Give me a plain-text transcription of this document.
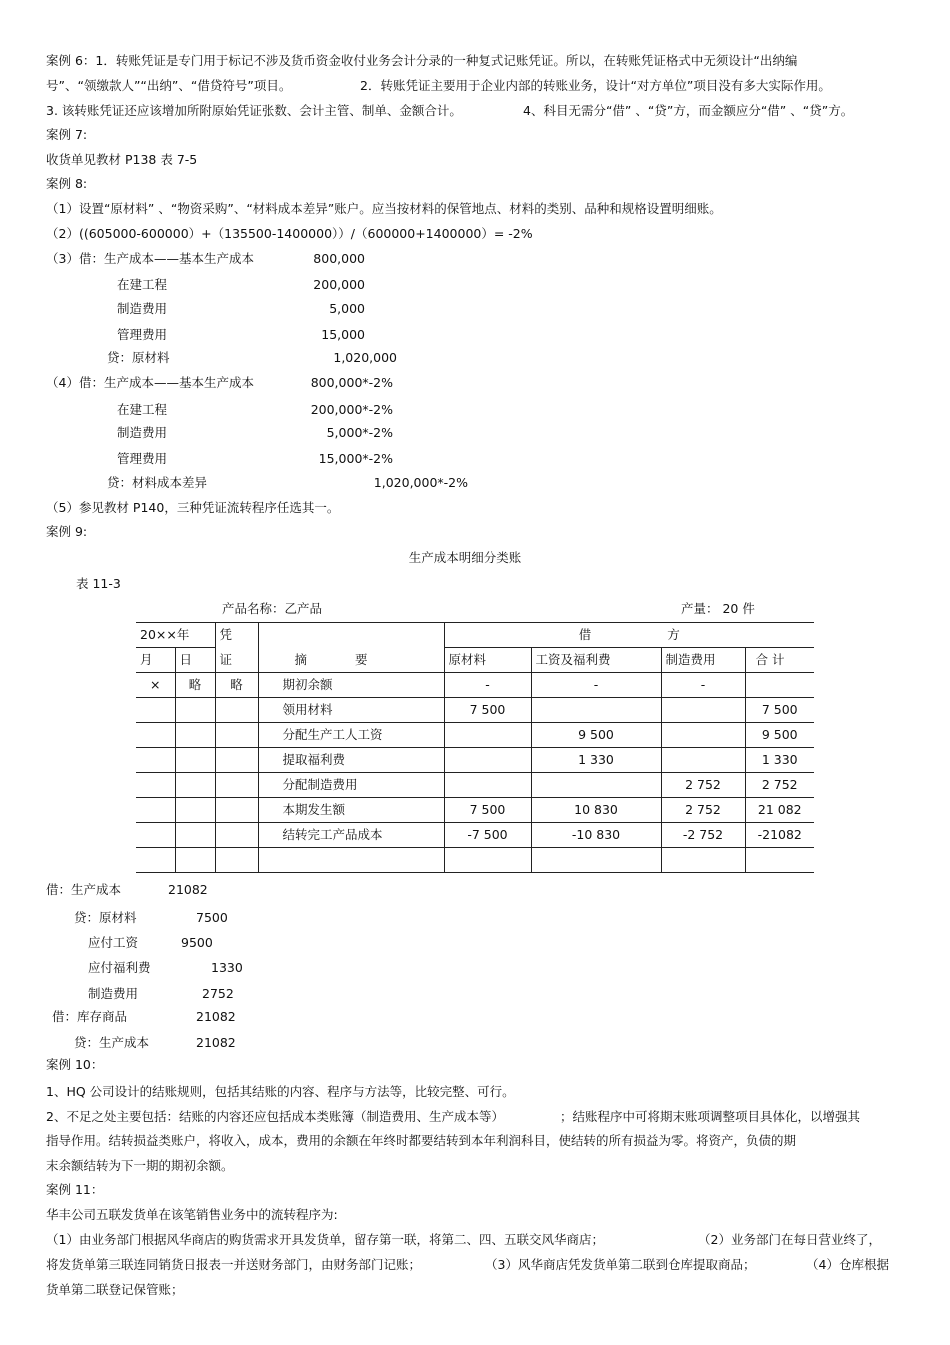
案例 6：1．转账凭证是专门用于标记不涉及货币资金收付业务会计分录的一种复式记账凭证。所以，在转账凭证格式中无须设计“出纳编
号”、“领缴款人”“出纳”、“借贷符号”项目。	2．转账凭证主要用于企业内部的转账业务，设计“对方单位”项目没有多大实际作用。
3. 该转账凭证还应该增加所附原始凭证张数、会计主管、制单、金额合计。	4、科目无需分“借” 、“贷”方，而金额应分“借” 、“贷”方。
案例 7:
收货单见教材 P138 表 7-5
案例 8:
（1）设置“原材料” 、“物资采购”、“材料成本差异”账户。应当按材料的保管地点、材料的类别、品种和规格设置明细账。
（2）((605000-600000）+（135500-1400000））/（600000+1400000）= -2%
（3）借：生产成本——基本生产成本	800,000
在建工程	200,000
制造费用	5,000
管理费用	15,000
贷：原材料	1,020,000
（4）借：生产成本——基本生产成本	800,000*-2%
在建工程	200,000*-2%
制造费用	5,000*-2%
管理费用	15,000*-2%
贷：材料成本差异	1,020,000*-2%
（5）参见教材 P140，三种凭证流转程序任选其一。
案例 9:
生产成本明细分类账
表 11-3
产品名称：乙产品	产量： 20 件
20××年		凭		借 方			
月	日	证	摘 要	原材料	工资及福利费	制造费用	合 计
×	略	略	期初余额	-	-	-	
			领用材料	7 500			7 500
			分配生产工人工资		9 500		9 500
			提取福利费		1 330		1 330
			分配制造费用			2 752	2 752
			本期发生额	7 500	10 830	2 752	21 082
			结转完工产品成本	-7 500	-10 830	-2 752	-21082

借：生产成本	21082
贷：原材料	7500
应付工资	9500
应付福利费	1330
制造费用	2752
借：库存商品	21082
贷：生产成本	21082
案例 10：
1、HQ 公司设计的结账规则，包括其结账的内容、程序与方法等，比较完整、可行。
2、不足之处主要包括：结账的内容还应包括成本类账簿（制造费用、生产成本等）	；结账程序中可将期末账项调整项目具体化，以增强其
指导作用。结转损益类账户，将收入，成本，费用的余额在年终时都要结转到本年利润科目，使结转的所有损益为零。将资产，负债的期
末余额结转为下一期的期初余额。
案例 11：
华丰公司五联发货单在该笔销售业务中的流转程序为:
（1）由业务部门根据风华商店的购货需求开具发货单，留存第一联，将第二、四、五联交风华商店；	（2）业务部门在每日营业终了，
将发货单第三联连同销货日报表一并送财务部门，由财务部门记账；	（3）风华商店凭发货单第二联到仓库提取商品；	（4）仓库根据
货单第二联登记保管账；
